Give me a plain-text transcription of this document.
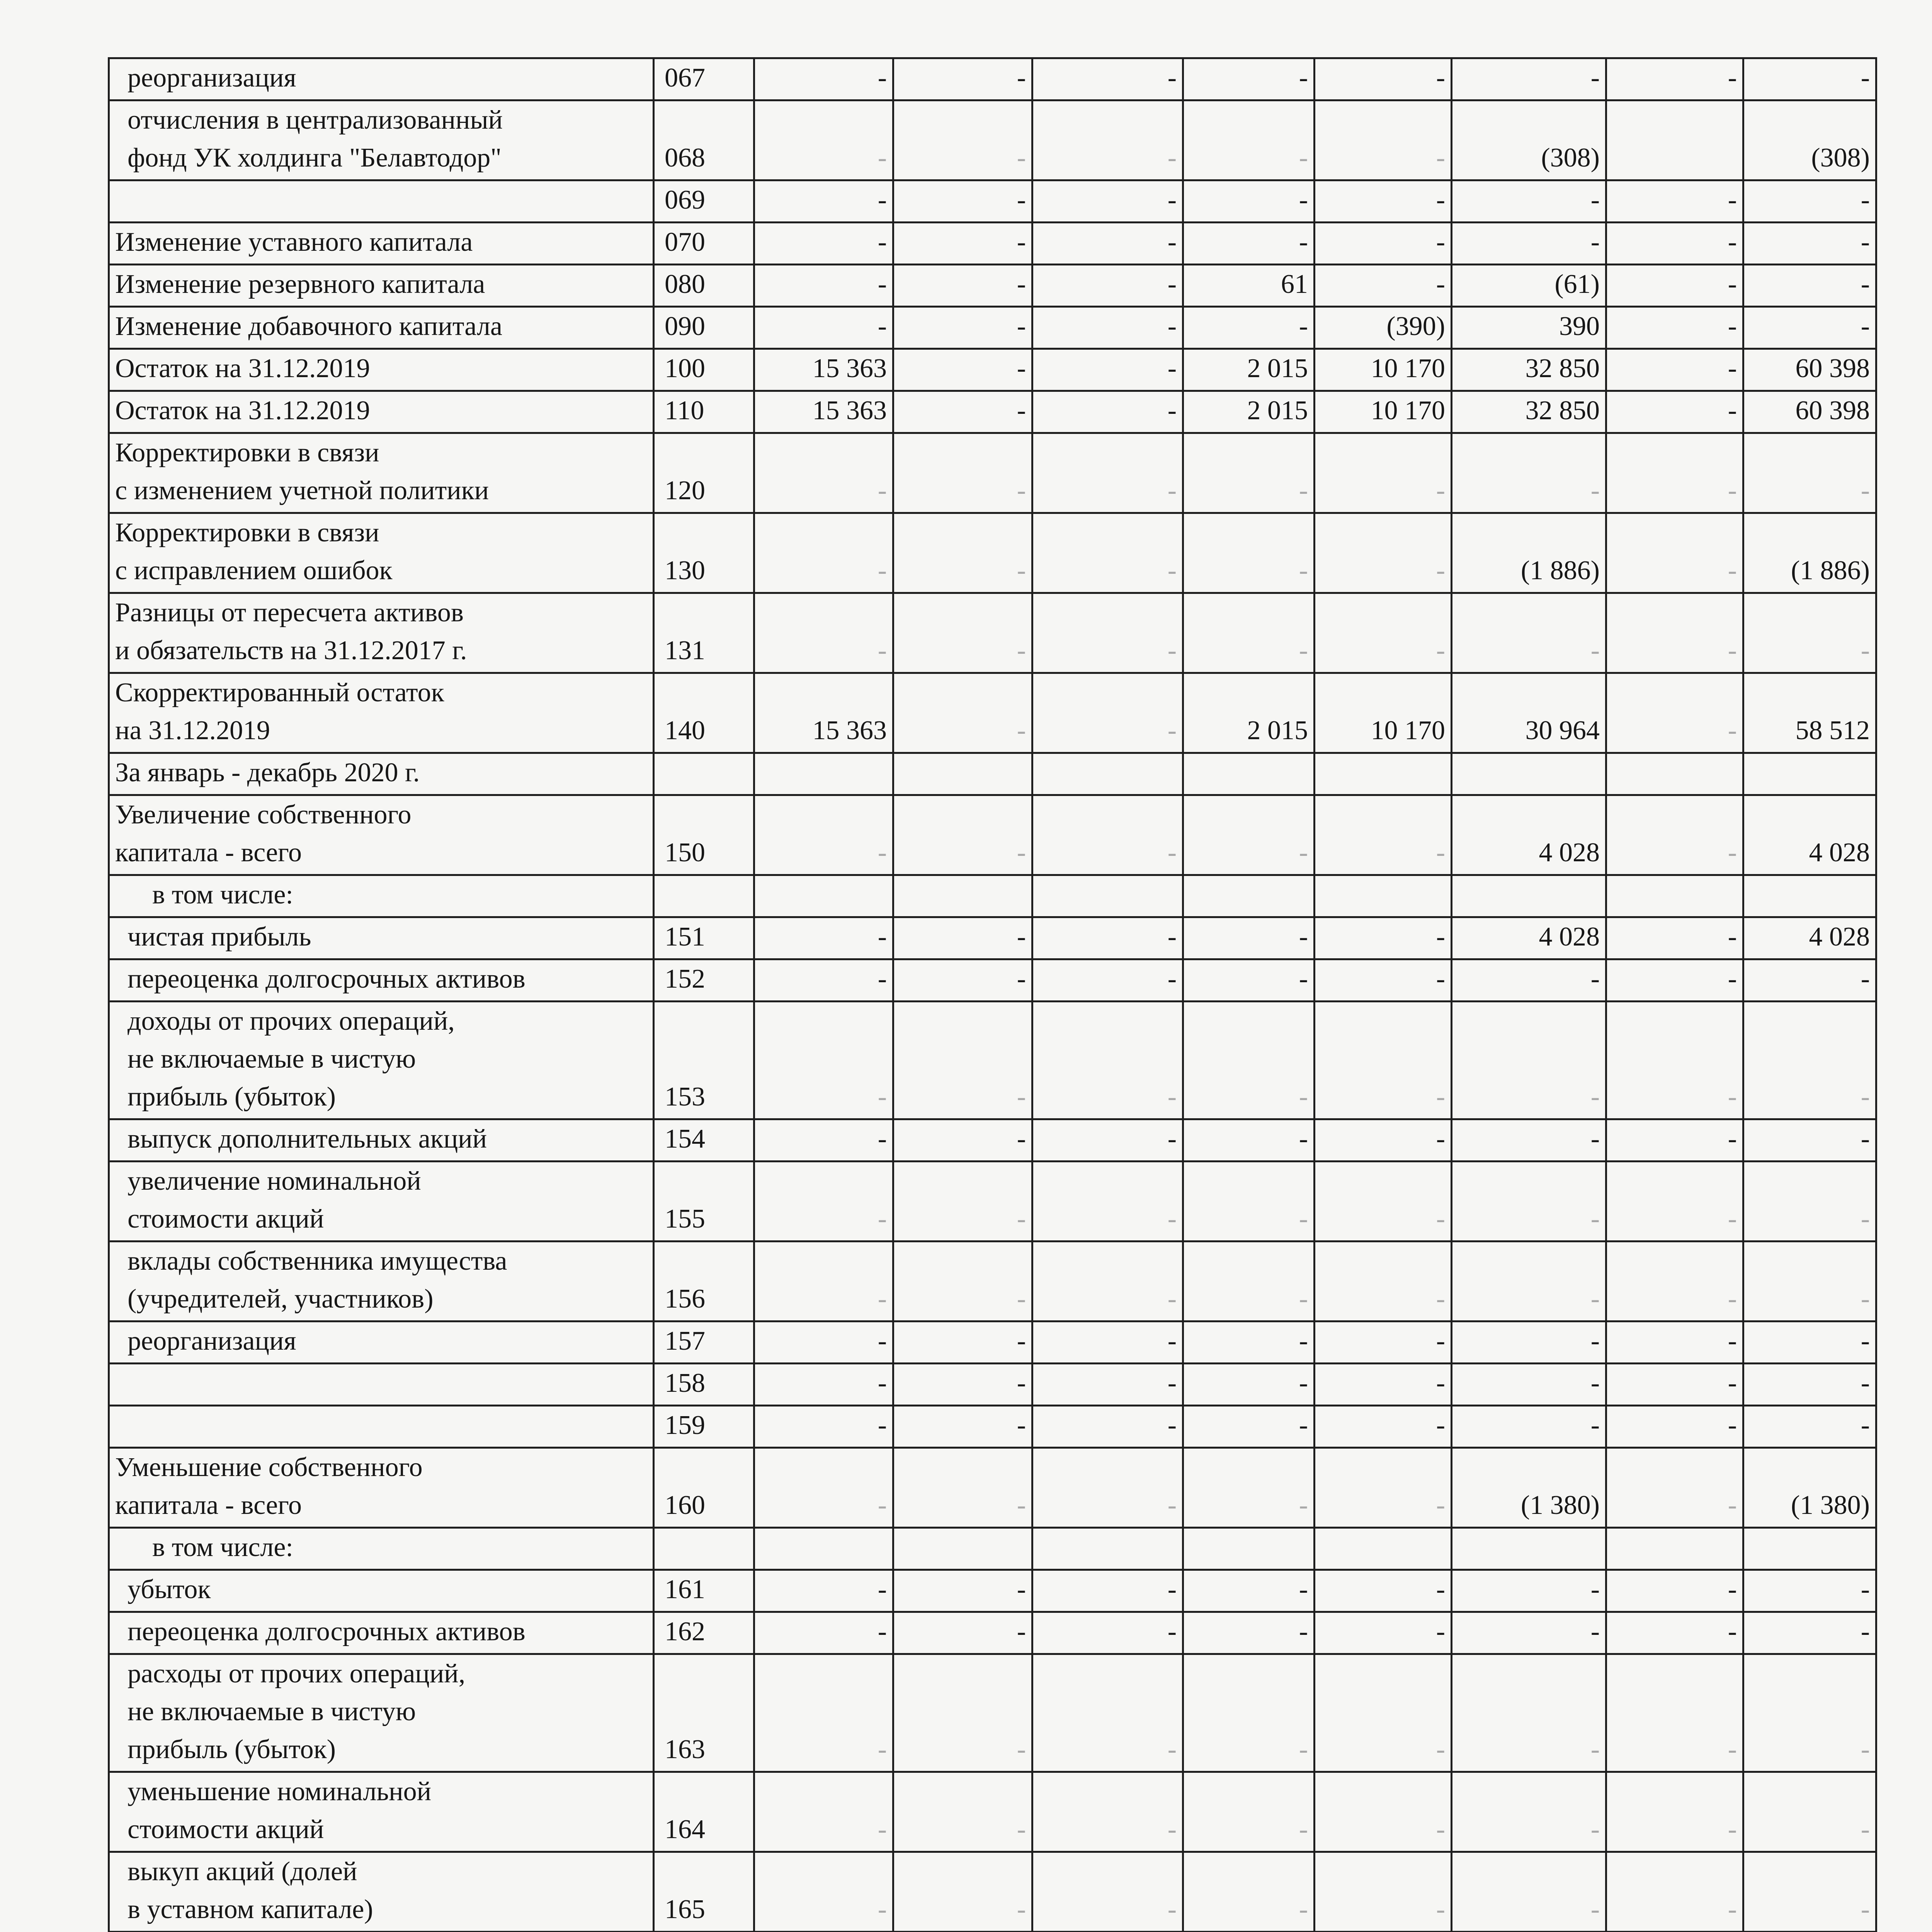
реорганизация	067	-	-	-	-	-	-	-	-
отчисления в централизованный
фонд УК холдинга "Белавтодор"	068	-	-	-	-	-	(308)		(308)
	069	-	-	-	-	-	-	-	-
Изменение уставного капитала	070	-	-	-	-	-	-	-	-
Изменение резервного капитала	080	-	-	-	61	-	(61)	-	-
Изменение добавочного капитала	090	-	-	-	-	(390)	390	-	-
Остаток на 31.12.2019	100	15 363	-	-	2 015	10 170	32 850	-	60 398
Остаток на 31.12.2019	110	15 363	-	-	2 015	10 170	32 850	-	60 398
Корректировки в связи
с изменением учетной политики	120	-	-	-	-	-	-	-	-
Корректировки в связи
с исправлением ошибок	130	-	-	-	-	-	(1 886)	-	(1 886)
Разницы от пересчета активов
и обязательств на 31.12.2017 г.	131	-	-	-	-	-	-	-	-
Скорректированный остаток
на 31.12.2019	140	15 363	-	-	2 015	10 170	30 964	-	58 512
За январь - декабрь 2020 г.									
Увеличение собственного
капитала - всего	150	-	-	-	-	-	4 028	-	4 028
в том числе:									
чистая прибыль	151	-	-	-	-	-	4 028	-	4 028
переоценка долгосрочных активов	152	-	-	-	-	-	-	-	-
доходы от прочих операций,
не включаемые в чистую
прибыль (убыток)	153	-	-	-	-	-	-	-	-
выпуск дополнительных акций	154	-	-	-	-	-	-	-	-
увеличение номинальной
стоимости акций	155	-	-	-	-	-	-	-	-
вклады собственника имущества
(учредителей, участников)	156	-	-	-	-	-	-	-	-
реорганизация	157	-	-	-	-	-	-	-	-
	158	-	-	-	-	-	-	-	-
	159	-	-	-	-	-	-	-	-
Уменьшение собственного
капитала - всего	160	-	-	-	-	-	(1 380)	-	(1 380)
в том числе:									
убыток	161	-	-	-	-	-	-	-	-
переоценка долгосрочных активов	162	-	-	-	-	-	-	-	-
расходы от прочих операций,
не включаемые в чистую
прибыль (убыток)	163	-	-	-	-	-	-	-	-
уменьшение номинальной
стоимости акций	164	-	-	-	-	-	-	-	-
выкуп акций (долей
в уставном капитале)	165	-	-	-	-	-	-	-	-
